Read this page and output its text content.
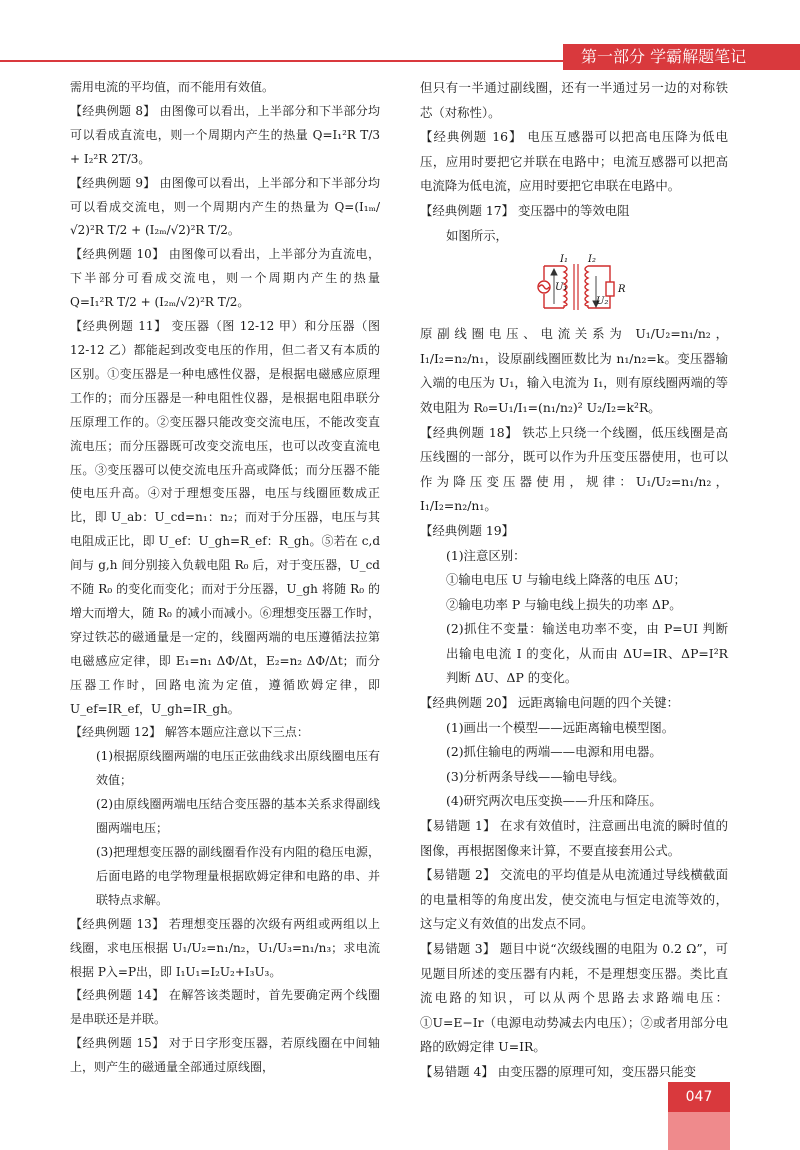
第一部分 学霸解题笔记

需用电流的平均值，而不能用有效值。

【经典例题 8】 由图像可以看出，上半部分和下半部分均可以看成直流电，则一个周期内产生的热量 Q=I₁²R T/3 + I₂²R 2T/3。

【经典例题 9】 由图像可以看出，上半部分和下半部分均可以看成交流电，则一个周期内产生的热量为 Q=(I₁ₘ/√2)²R T/2 + (I₂ₘ/√2)²R T/2。

【经典例题 10】 由图像可以看出，上半部分为直流电，下半部分可看成交流电，则一个周期内产生的热量 Q=I₁²R T/2 + (I₂ₘ/√2)²R T/2。

【经典例题 11】 变压器（图 12-12 甲）和分压器（图 12-12 乙）都能起到改变电压的作用，但二者又有本质的区别。①变压器是一种电感性仪器，是根据电磁感应原理工作的；而分压器是一种电阻性仪器，是根据电阻串联分压原理工作的。②变压器只能改变交流电压，不能改变直流电压；而分压器既可改变交流电压，也可以改变直流电压。③变压器可以使交流电压升高或降低；而分压器不能使电压升高。④对于理想变压器，电压与线圈匝数成正比，即 U_ab：U_cd=n₁：n₂；而对于分压器，电压与其电阻成正比，即 U_ef：U_gh=R_ef：R_gh。⑤若在 c,d 间与 g,h 间分别接入负载电阻 R₀ 后，对于变压器，U_cd 不随 R₀ 的变化而变化；而对于分压器，U_gh 将随 R₀ 的增大而增大，随 R₀ 的减小而减小。⑥理想变压器工作时，穿过铁芯的磁通量是一定的，线圈两端的电压遵循法拉第电磁感应定律，即 E₁=n₁ ΔΦ/Δt，E₂=n₂ ΔΦ/Δt；而分压器工作时，回路电流为定值，遵循欧姆定律，即 U_ef=IR_ef，U_gh=IR_gh。

【经典例题 12】 解答本题应注意以下三点：

(1)根据原线圈两端的电压正弦曲线求出原线圈电压有效值；

(2)由原线圈两端电压结合变压器的基本关系求得副线圈两端电压；

(3)把理想变压器的副线圈看作没有内阻的稳压电源，后面电路的电学物理量根据欧姆定律和电路的串、并联特点求解。

【经典例题 13】 若理想变压器的次级有两组或两组以上线圈，求电压根据 U₁/U₂=n₁/n₂，U₁/U₃=n₁/n₃；求电流根据 P入=P出，即 I₁U₁=I₂U₂+I₃U₃。

【经典例题 14】 在解答该类题时，首先要确定两个线圈是串联还是并联。

【经典例题 15】 对于日字形变压器，若原线圈在中间轴上，则产生的磁通量全部通过原线圈，

但只有一半通过副线圈，还有一半通过另一边的对称铁芯（对称性）。

【经典例题 16】 电压互感器可以把高电压降为低电压，应用时要把它并联在电路中；电流互感器可以把高电流降为低电流，应用时要把它串联在电路中。

【经典例题 17】 变压器中的等效电阻

如图所示，

I₁ I₂
U₁
U₂
R

原副线圈电压、电流关系为 U₁/U₂=n₁/n₂，I₁/I₂=n₂/n₁，设原副线圈匝数比为 n₁/n₂=k。变压器输入端的电压为 U₁，输入电流为 I₁，则有原线圈两端的等效电阻为 R₀=U₁/I₁=(n₁/n₂)² U₂/I₂=k²R。

【经典例题 18】 铁芯上只绕一个线圈，低压线圈是高压线圈的一部分，既可以作为升压变压器使用，也可以作为降压变压器使用，规律：U₁/U₂=n₁/n₂，I₁/I₂=n₂/n₁。

【经典例题 19】

(1)注意区别：

①输电电压 U 与输电线上降落的电压 ΔU；

②输电功率 P 与输电线上损失的功率 ΔP。

(2)抓住不变量：输送电功率不变，由 P=UI 判断出输电电流 I 的变化，从而由 ΔU=IR、ΔP=I²R 判断 ΔU、ΔP 的变化。

【经典例题 20】 远距离输电问题的四个关键：

(1)画出一个模型——远距离输电模型图。

(2)抓住输电的两端——电源和用电器。

(3)分析两条导线——输电导线。

(4)研究两次电压变换——升压和降压。

【易错题 1】 在求有效值时，注意画出电流的瞬时值的图像，再根据图像来计算，不要直接套用公式。

【易错题 2】 交流电的平均值是从电流通过导线横截面的电量相等的角度出发，使交流电与恒定电流等效的，这与定义有效值的出发点不同。

【易错题 3】 题目中说“次级线圈的电阻为 0.2 Ω”，可见题目所述的变压器有内耗，不是理想变压器。类比直流电路的知识，可以从两个思路去求路端电压：①U=E−Ir（电源电动势减去内电压）；②或者用部分电路的欧姆定律 U=IR。

【易错题 4】 由变压器的原理可知，变压器只能变

047
